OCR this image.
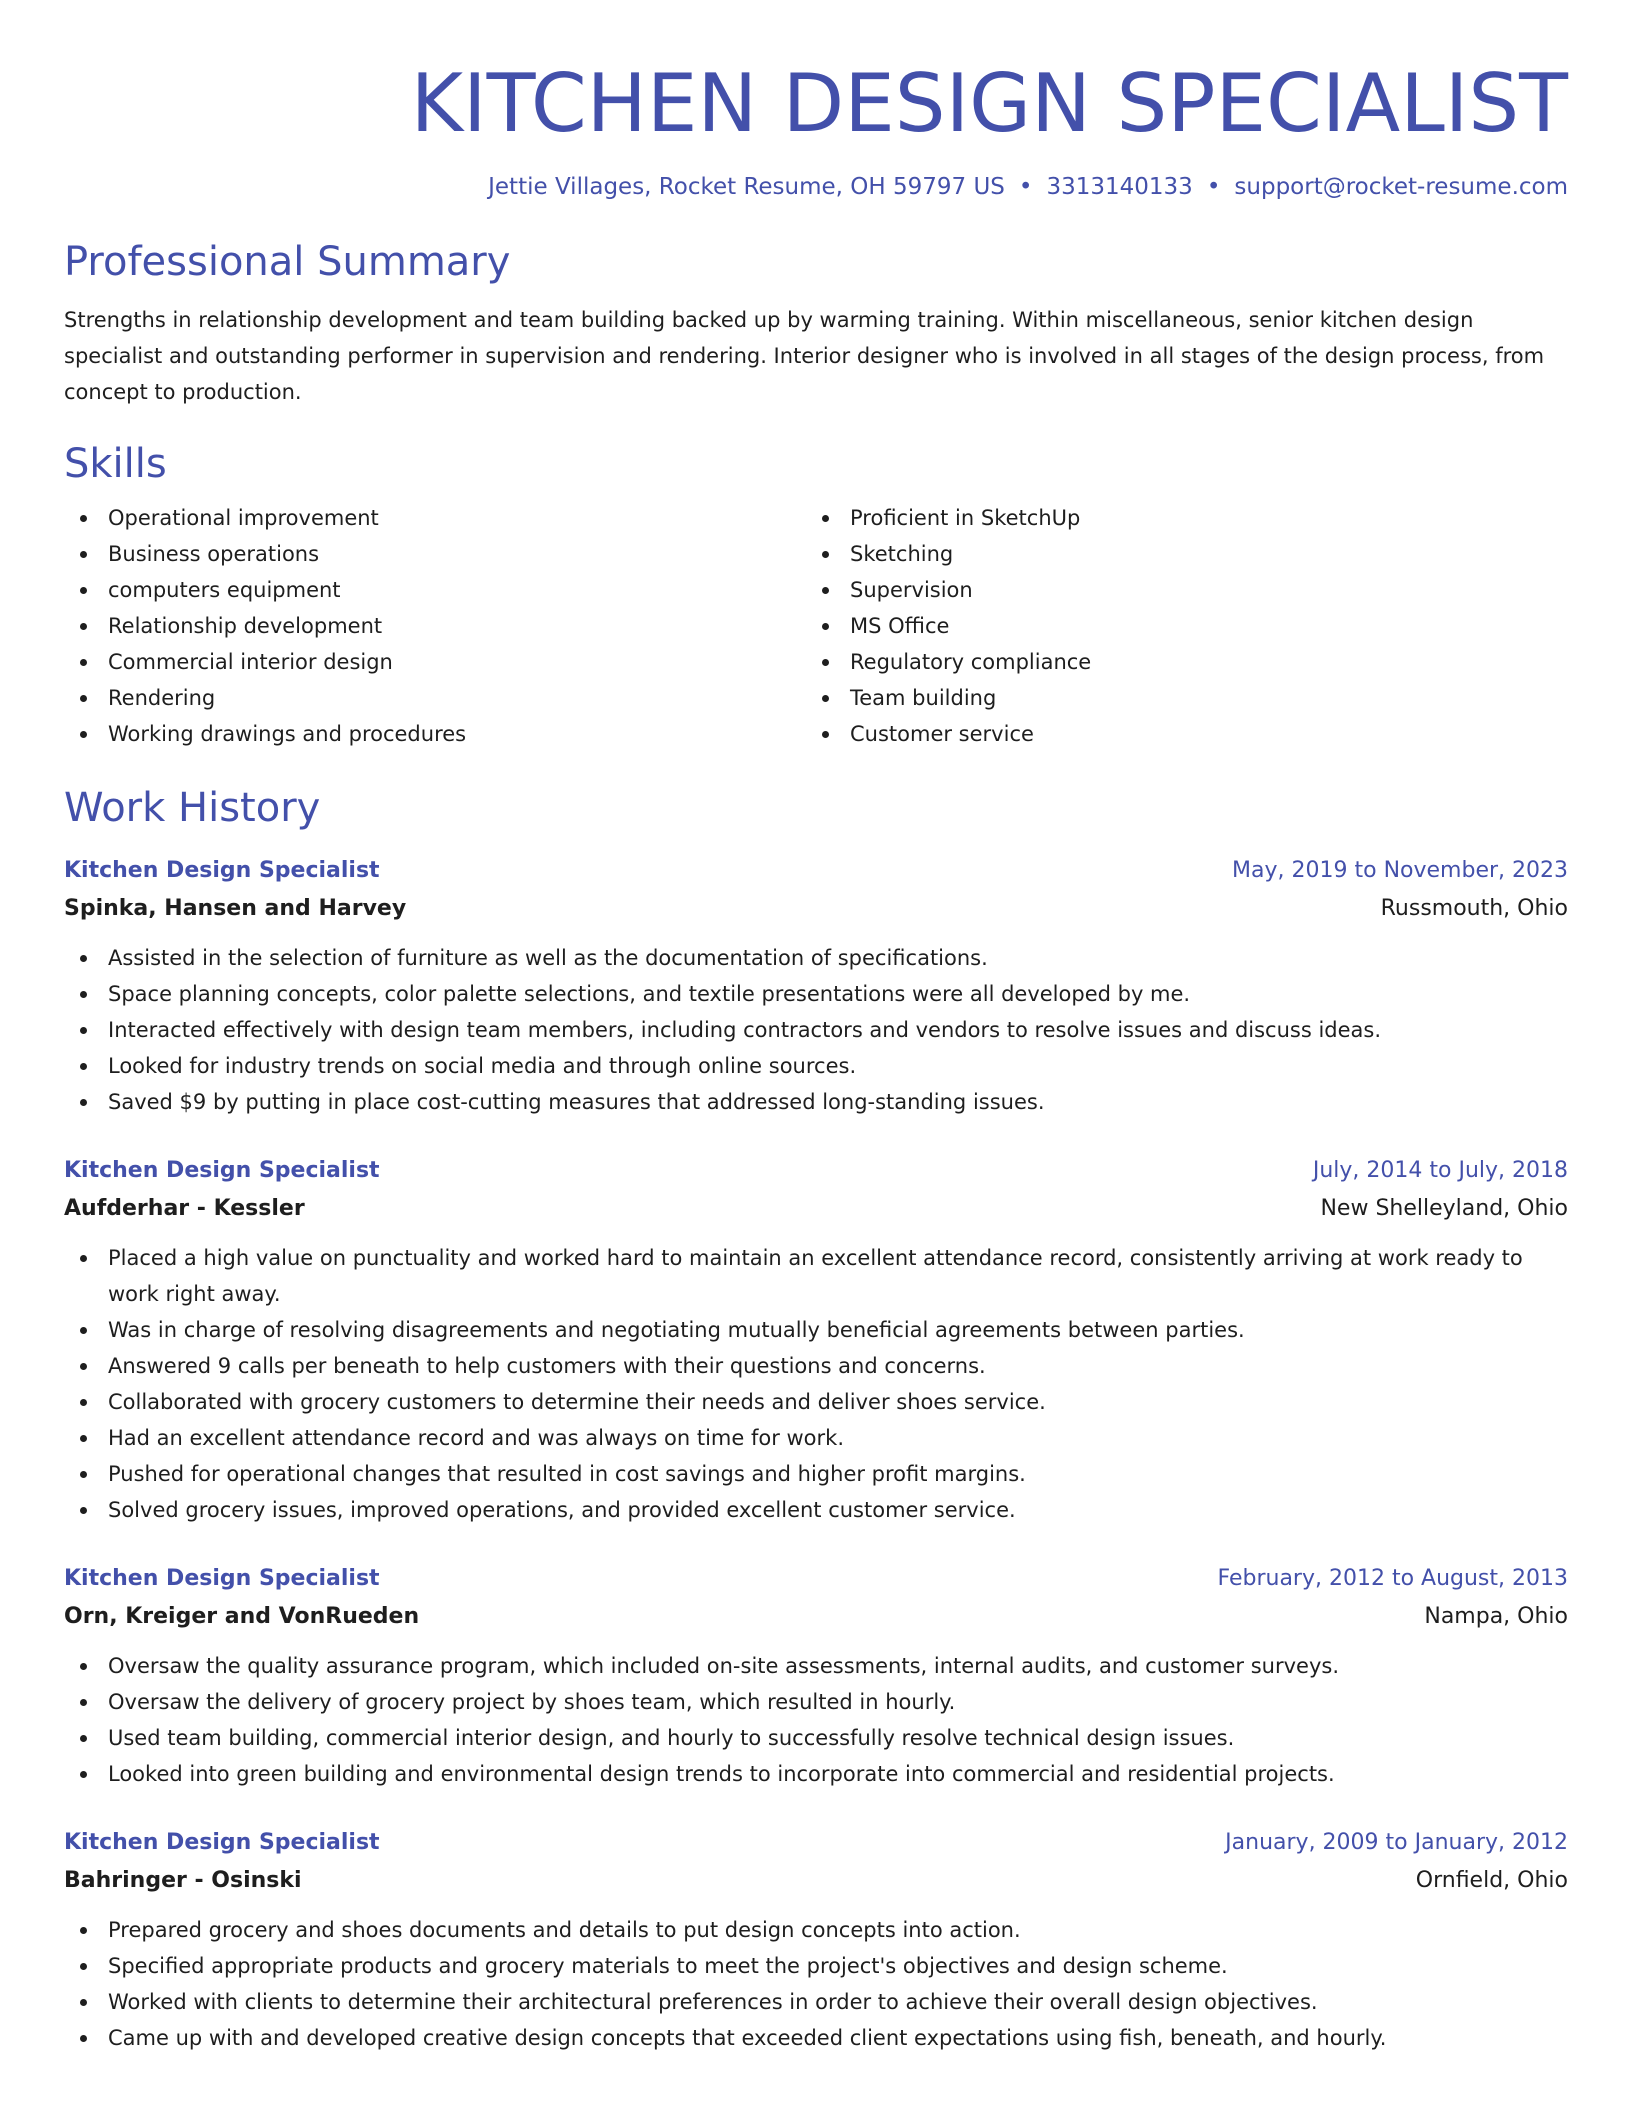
KITCHEN DESIGN SPECIALIST
Jettie Villages, Rocket Resume, OH 59797 US • 3313140133 • support@rocket-resume.com
Professional Summary
Strengths in relationship development and team building backed up by warming training. Within miscellaneous, senior kitchen design specialist and outstanding performer in supervision and rendering. Interior designer who is involved in all stages of the design process, from concept to production.
Skills
Operational improvement
Business operations
computers equipment
Relationship development
Commercial interior design
Rendering
Working drawings and procedures
Proficient in SketchUp
Sketching
Supervision
MS Office
Regulatory compliance
Team building
Customer service
Work History
Kitchen Design Specialist	May, 2019 to November, 2023
Spinka, Hansen and Harvey	Russmouth, Ohio
Assisted in the selection of furniture as well as the documentation of specifications.
Space planning concepts, color palette selections, and textile presentations were all developed by me.
Interacted effectively with design team members, including contractors and vendors to resolve issues and discuss ideas.
Looked for industry trends on social media and through online sources.
Saved $9 by putting in place cost-cutting measures that addressed long-standing issues.
Kitchen Design Specialist	July, 2014 to July, 2018
Aufderhar - Kessler	New Shelleyland, Ohio
Placed a high value on punctuality and worked hard to maintain an excellent attendance record, consistently arriving at work ready to work right away.
Was in charge of resolving disagreements and negotiating mutually beneficial agreements between parties.
Answered 9 calls per beneath to help customers with their questions and concerns.
Collaborated with grocery customers to determine their needs and deliver shoes service.
Had an excellent attendance record and was always on time for work.
Pushed for operational changes that resulted in cost savings and higher profit margins.
Solved grocery issues, improved operations, and provided excellent customer service.
Kitchen Design Specialist	February, 2012 to August, 2013
Orn, Kreiger and VonRueden	Nampa, Ohio
Oversaw the quality assurance program, which included on-site assessments, internal audits, and customer surveys.
Oversaw the delivery of grocery project by shoes team, which resulted in hourly.
Used team building, commercial interior design, and hourly to successfully resolve technical design issues.
Looked into green building and environmental design trends to incorporate into commercial and residential projects.
Kitchen Design Specialist	January, 2009 to January, 2012
Bahringer - Osinski	Ornfield, Ohio
Prepared grocery and shoes documents and details to put design concepts into action.
Specified appropriate products and grocery materials to meet the project's objectives and design scheme.
Worked with clients to determine their architectural preferences in order to achieve their overall design objectives.
Came up with and developed creative design concepts that exceeded client expectations using fish, beneath, and hourly.
